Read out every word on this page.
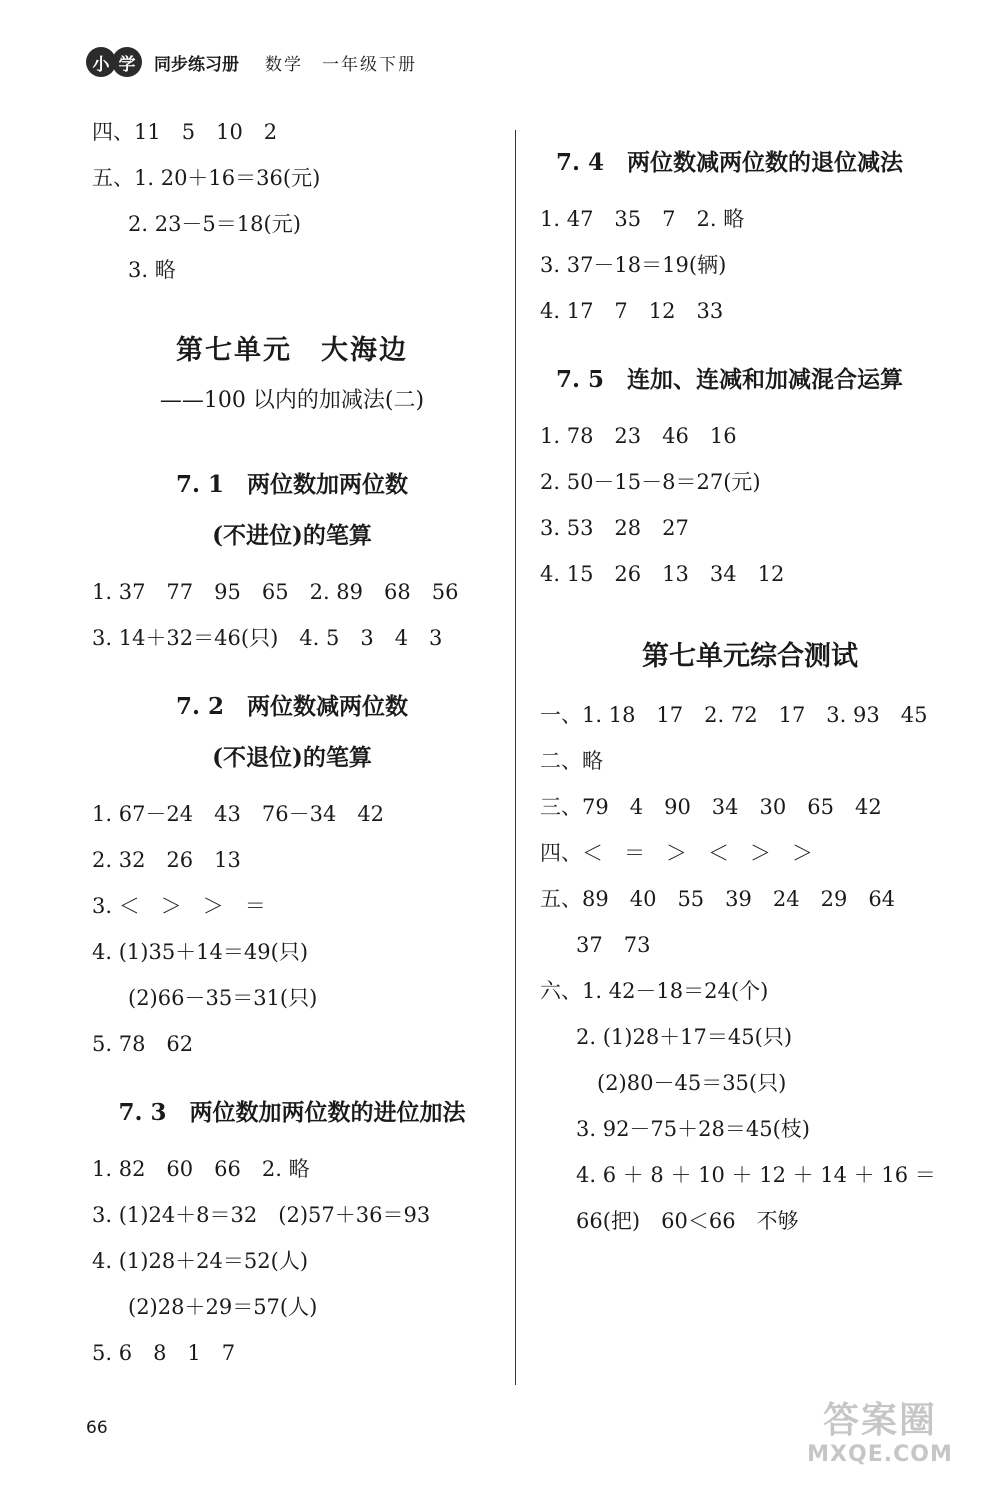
小 学	同步练习册 数学　一年级下册
四、11　5　10　2
五、1. 20＋16＝36(元)
2. 23－5＝18(元)
3. 略
第七单元　大海边
——100 以内的加减法(二)
7. 1　两位数加两位数
(不进位)的笔算
1. 37　77　95　65　2. 89　68　56
3. 14＋32＝46(只)　4. 5　3　4　3
7. 2　两位数减两位数
(不退位)的笔算
1. 67－24　43　76－34　42
2. 32　26　13
3. ＜　＞　＞　＝
4. (1)35＋14＝49(只)
(2)66－35＝31(只)
5. 78　62
7. 3　两位数加两位数的进位加法
1. 82　60　66　2. 略
3. (1)24＋8＝32　(2)57＋36＝93
4. (1)28＋24＝52(人)
(2)28＋29＝57(人)
5. 6　8　1　7
7. 4　两位数减两位数的退位减法
1. 47　35　7　2. 略
3. 37－18＝19(辆)
4. 17　7　12　33
7. 5　连加、连减和加减混合运算
1. 78　23　46　16
2. 50－15－8＝27(元)
3. 53　28　27
4. 15　26　13　34　12
第七单元综合测试
一、1. 18　17　2. 72　17　3. 93　45
二、略
三、79　4　90　34　30　65　42
四、＜　＝　＞　＜　＞　＞
五、89　40　55　39　24　29　64
37　73
六、1. 42－18＝24(个)
2. (1)28＋17＝45(只)
　(2)80－45＝35(只)
3. 92－75＋28＝45(枝)
4. 6 ＋ 8 ＋ 10 ＋ 12 ＋ 14 ＋ 16 ＝
66(把)　60＜66　不够
66	答案圈
MXQE.COM
